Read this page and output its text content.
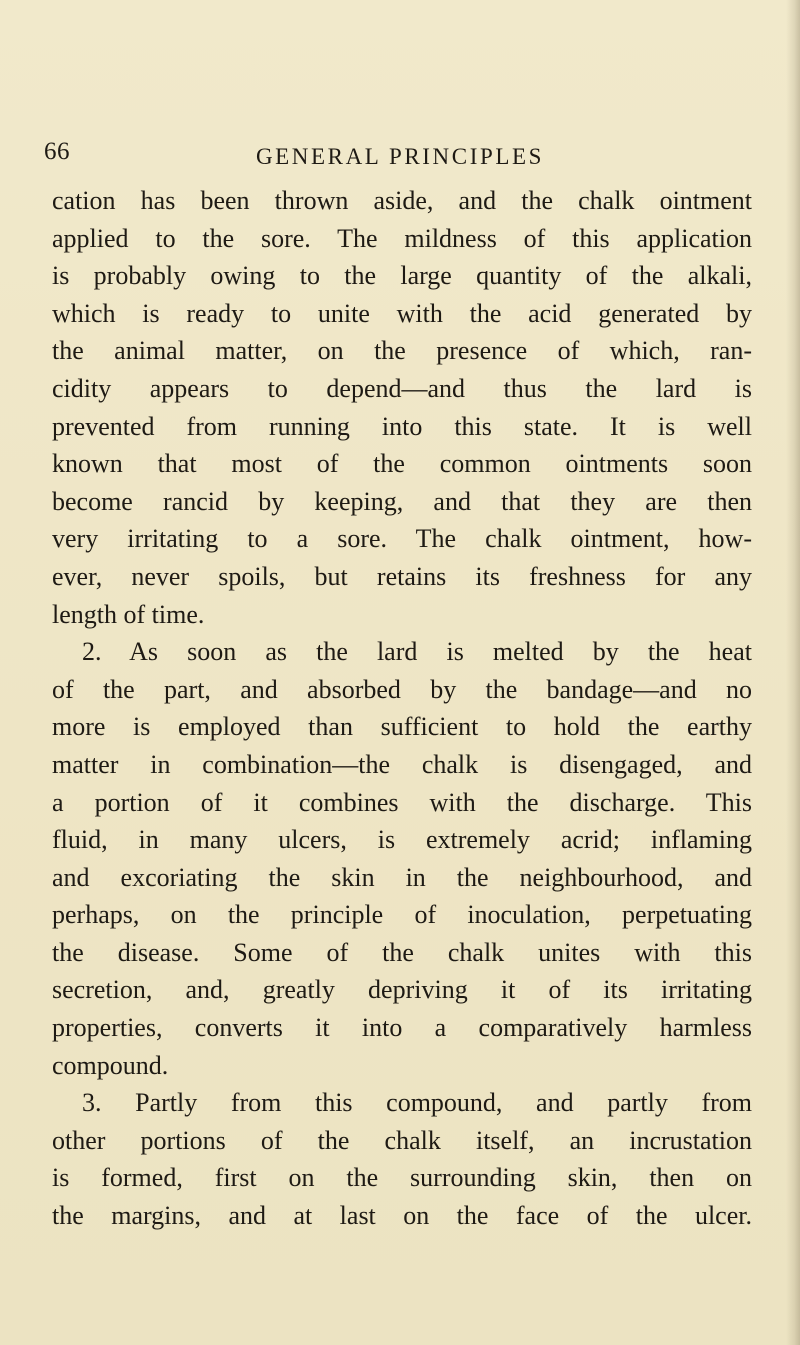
66	GENERAL PRINCIPLES

cation has been thrown aside, and the chalk ointment
applied to the sore. The mildness of this application
is probably owing to the large quantity of the alkali,
which is ready to unite with the acid generated by
the animal matter, on the presence of which, ran-
cidity appears to depend—and thus the lard is
prevented from running into this state. It is well
known that most of the common ointments soon
become rancid by keeping, and that they are then
very irritating to a sore. The chalk ointment, how-
ever, never spoils, but retains its freshness for any
length of time.
2. As soon as the lard is melted by the heat
of the part, and absorbed by the bandage—and no
more is employed than sufficient to hold the earthy
matter in combination—the chalk is disengaged, and
a portion of it combines with the discharge. This
fluid, in many ulcers, is extremely acrid; inflaming
and excoriating the skin in the neighbourhood, and
perhaps, on the principle of inoculation, perpetuating
the disease. Some of the chalk unites with this
secretion, and, greatly depriving it of its irritating
properties, converts it into a comparatively harmless
compound.
3. Partly from this compound, and partly from
other portions of the chalk itself, an incrustation
is formed, first on the surrounding skin, then on
the margins, and at last on the face of the ulcer.
